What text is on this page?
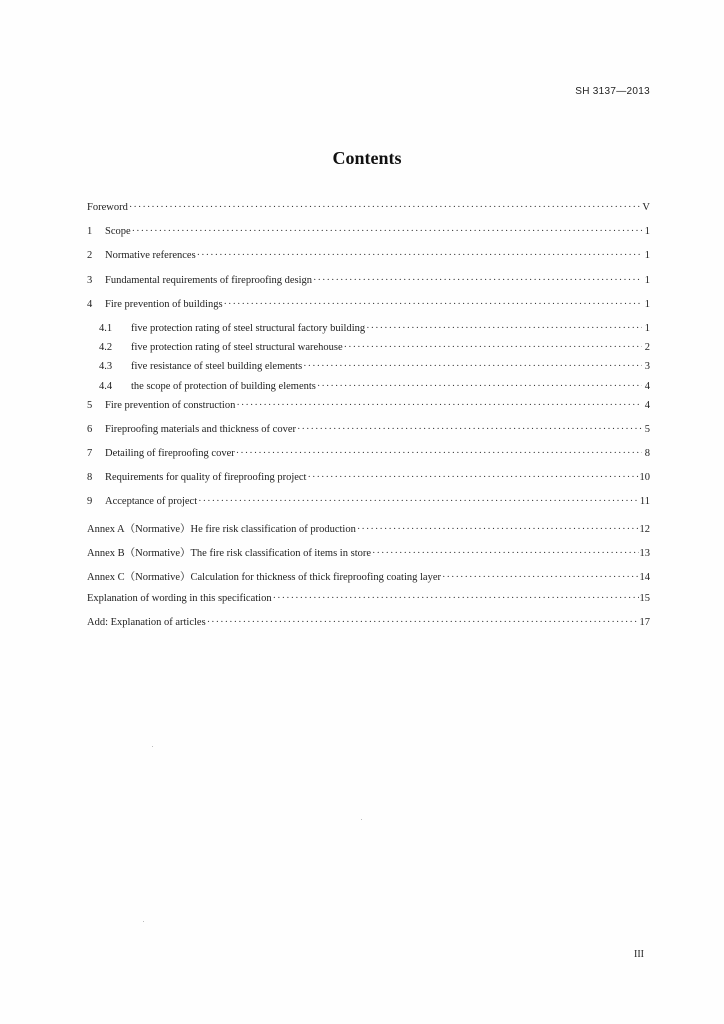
SH 3137—2013
Contents
Foreword ·····	V
1	Scope ·····	1
2	Normative references ·····	1
3	Fundamental requirements of fireproofing design ·····	1
4	Fire prevention of buildings ·····	1
4.1	five protection rating of steel structural factory building ·····	1
4.2	five protection rating of steel structural warehouse ·····	2
4.3	five resistance of steel building elements ·····	3
4.4	the scope of protection of building elements ·····	4
5	Fire prevention of construction ·····	4
6	Fireproofing materials and thickness of cover ·····	5
7	Detailing of fireproofing cover ·····	8
8	Requirements for quality of fireproofing project ·····	10
9	Acceptance of project ·····	11
Annex A（Normative）He fire risk classification of production ·····	12
Annex B（Normative）The fire risk classification of items in store ·····	13
Annex C（Normative）Calculation for thickness of thick fireproofing coating layer ·····	14
Explanation of wording in this specification ·····	15
Add: Explanation of articles ·····	17
III
